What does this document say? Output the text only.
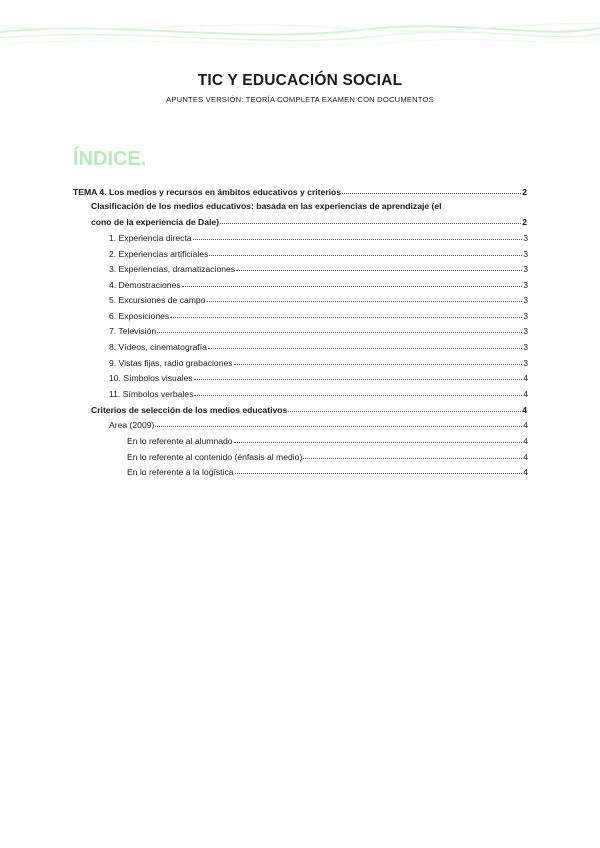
TIC Y EDUCACIÓN SOCIAL
APUNTES VERSIÓN: TEORÍA COMPLETA EXAMEN CON DOCUMENTOS
ÍNDICE.
TEMA 4. Los medios y recursos en ámbitos educativos y criterios	2
Clasificación de los medios educativos: basada en las experiencias de aprendizaje (el
cono de la experiencia de Dale)	2
1. Experiencia directa	3
2. Experiencias artificiales	3
3. Experiencias, dramatizaciones	3
4. Demostraciones	3
5. Excursiones de campo	3
6. Exposiciones	3
7. Televisión	3
8. Vídeos, cinematografía	3
9. Vistas fijas, radio grabaciones	3
10. Símbolos visuales	4
11. Símbolos verbales	4
Criterios de selección de los medios educativos	4
Area (2009)	4
En lo referente al alumnado	4
En lo referente al contenido (énfasis al medio)	4
En lo referente a la logística	4
